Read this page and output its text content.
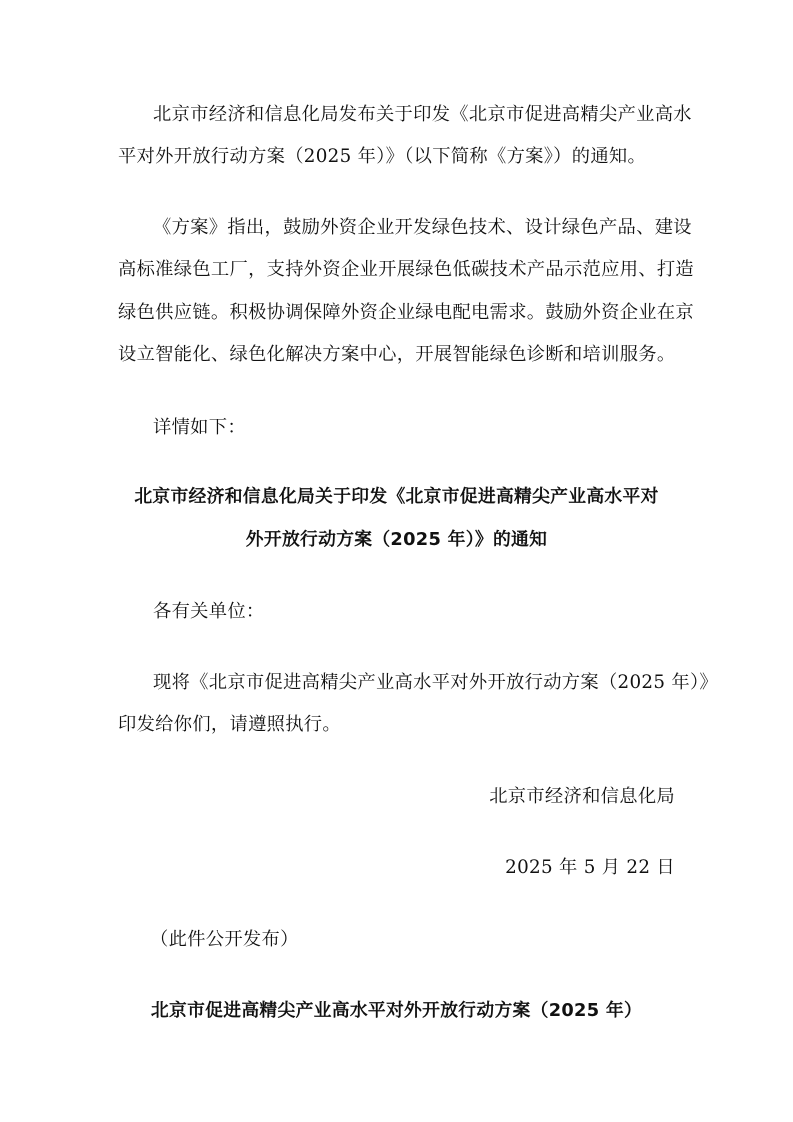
北京市经济和信息化局发布关于印发《北京市促进高精尖产业高水
平对外开放行动方案（2025 年）》（以下简称《方案》）的通知。
《方案》指出，鼓励外资企业开发绿色技术、设计绿色产品、建设
高标准绿色工厂，支持外资企业开展绿色低碳技术产品示范应用、打造
绿色供应链。积极协调保障外资企业绿电配电需求。鼓励外资企业在京
设立智能化、绿色化解决方案中心，开展智能绿色诊断和培训服务。
详情如下：
北京市经济和信息化局关于印发《北京市促进高精尖产业高水平对
外开放行动方案（2025 年）》的通知
各有关单位：
现将《北京市促进高精尖产业高水平对外开放行动方案（2025 年）》
印发给你们，请遵照执行。
北京市经济和信息化局
2025 年 5 月 22 日
（此件公开发布）
北京市促进高精尖产业高水平对外开放行动方案（2025 年）
